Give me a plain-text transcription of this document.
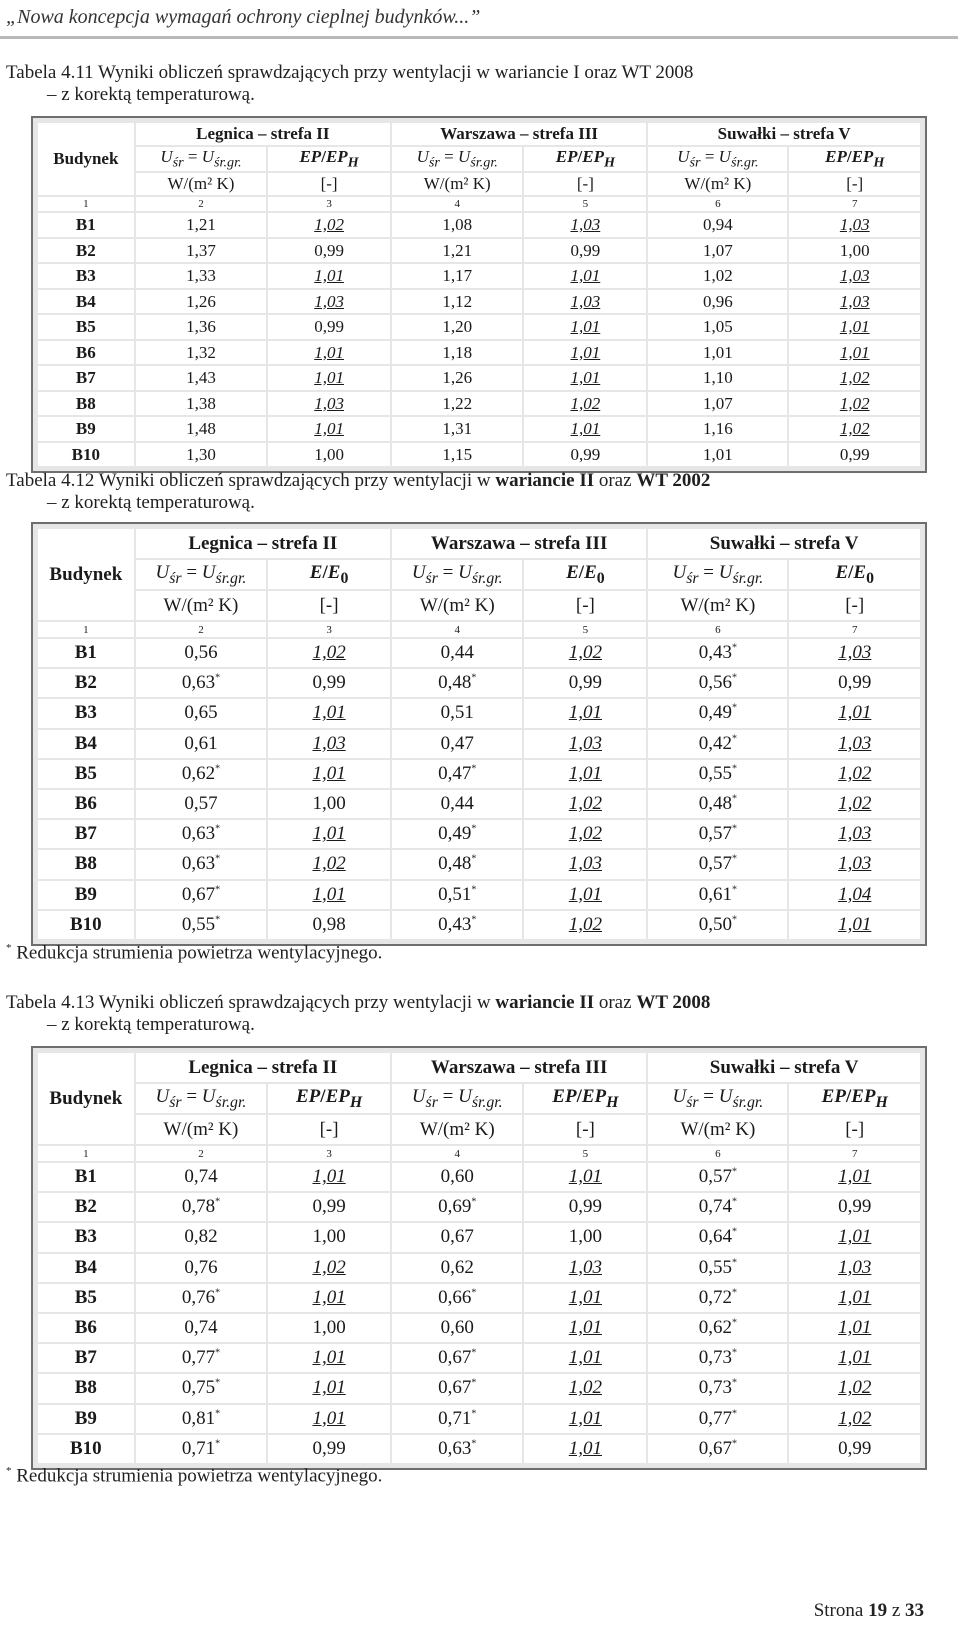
„Nowa koncepcja wymagań ochrony cieplnej budynków...”
Tabela 4.11 Wyniki obliczeń sprawdzających przy wentylacji w wariancie I oraz WT 2008
– z korektą temperaturową.
Budynek	Legnica – strefa II		Warszawa – strefa III		Suwałki – strefa V	
	$U_{śr} = U_{śr.gr.}$	$EP/EP_H$	$U_{śr} = U_{śr.gr.}$	$EP/EP_H$	$U_{śr} = U_{śr.gr.}$	$EP/EP_H$
	W/(m² K)	[-]	W/(m² K)	[-]	W/(m² K)	[-]
1	2	3	4	5	6	7
B1	1,21	1,02	1,08	1,03	0,94	1,03
B2	1,37	0,99	1,21	0,99	1,07	1,00
B3	1,33	1,01	1,17	1,01	1,02	1,03
B4	1,26	1,03	1,12	1,03	0,96	1,03
B5	1,36	0,99	1,20	1,01	1,05	1,01
B6	1,32	1,01	1,18	1,01	1,01	1,01
B7	1,43	1,01	1,26	1,01	1,10	1,02
B8	1,38	1,03	1,22	1,02	1,07	1,02
B9	1,48	1,01	1,31	1,01	1,16	1,02
B10	1,30	1,00	1,15	0,99	1,01	0,99
Tabela 4.12 Wyniki obliczeń sprawdzających przy wentylacji w wariancie II oraz WT 2002
– z korektą temperaturową.
Budynek	Legnica – strefa II		Warszawa – strefa III		Suwałki – strefa V	
	$U_{śr} = U_{śr.gr.}$	$E/E_0$	$U_{śr} = U_{śr.gr.}$	$E/E_0$	$U_{śr} = U_{śr.gr.}$	$E/E_0$
	W/(m² K)	[-]	W/(m² K)	[-]	W/(m² K)	[-]
1	2	3	4	5	6	7
B1	0,56	1,02	0,44	1,02	0,43*	1,03
B2	0,63*	0,99	0,48*	0,99	0,56*	0,99
B3	0,65	1,01	0,51	1,01	0,49*	1,01
B4	0,61	1,03	0,47	1,03	0,42*	1,03
B5	0,62*	1,01	0,47*	1,01	0,55*	1,02
B6	0,57	1,00	0,44	1,02	0,48*	1,02
B7	0,63*	1,01	0,49*	1,02	0,57*	1,03
B8	0,63*	1,02	0,48*	1,03	0,57*	1,03
B9	0,67*	1,01	0,51*	1,01	0,61*	1,04
B10	0,55*	0,98	0,43*	1,02	0,50*	1,01
* Redukcja strumienia powietrza wentylacyjnego.
Tabela 4.13 Wyniki obliczeń sprawdzających przy wentylacji w wariancie II oraz WT 2008
– z korektą temperaturową.
Budynek	Legnica – strefa II		Warszawa – strefa III		Suwałki – strefa V	
	$U_{śr} = U_{śr.gr.}$	$EP/EP_H$	$U_{śr} = U_{śr.gr.}$	$EP/EP_H$	$U_{śr} = U_{śr.gr.}$	$EP/EP_H$
	W/(m² K)	[-]	W/(m² K)	[-]	W/(m² K)	[-]
1	2	3	4	5	6	7
B1	0,74	1,01	0,60	1,01	0,57*	1,01
B2	0,78*	0,99	0,69*	0,99	0,74*	0,99
B3	0,82	1,00	0,67	1,00	0,64*	1,01
B4	0,76	1,02	0,62	1,03	0,55*	1,03
B5	0,76*	1,01	0,66*	1,01	0,72*	1,01
B6	0,74	1,00	0,60	1,01	0,62*	1,01
B7	0,77*	1,01	0,67*	1,01	0,73*	1,01
B8	0,75*	1,01	0,67*	1,02	0,73*	1,02
B9	0,81*	1,01	0,71*	1,01	0,77*	1,02
B10	0,71*	0,99	0,63*	1,01	0,67*	0,99
* Redukcja strumienia powietrza wentylacyjnego.
Strona 19 z 33
